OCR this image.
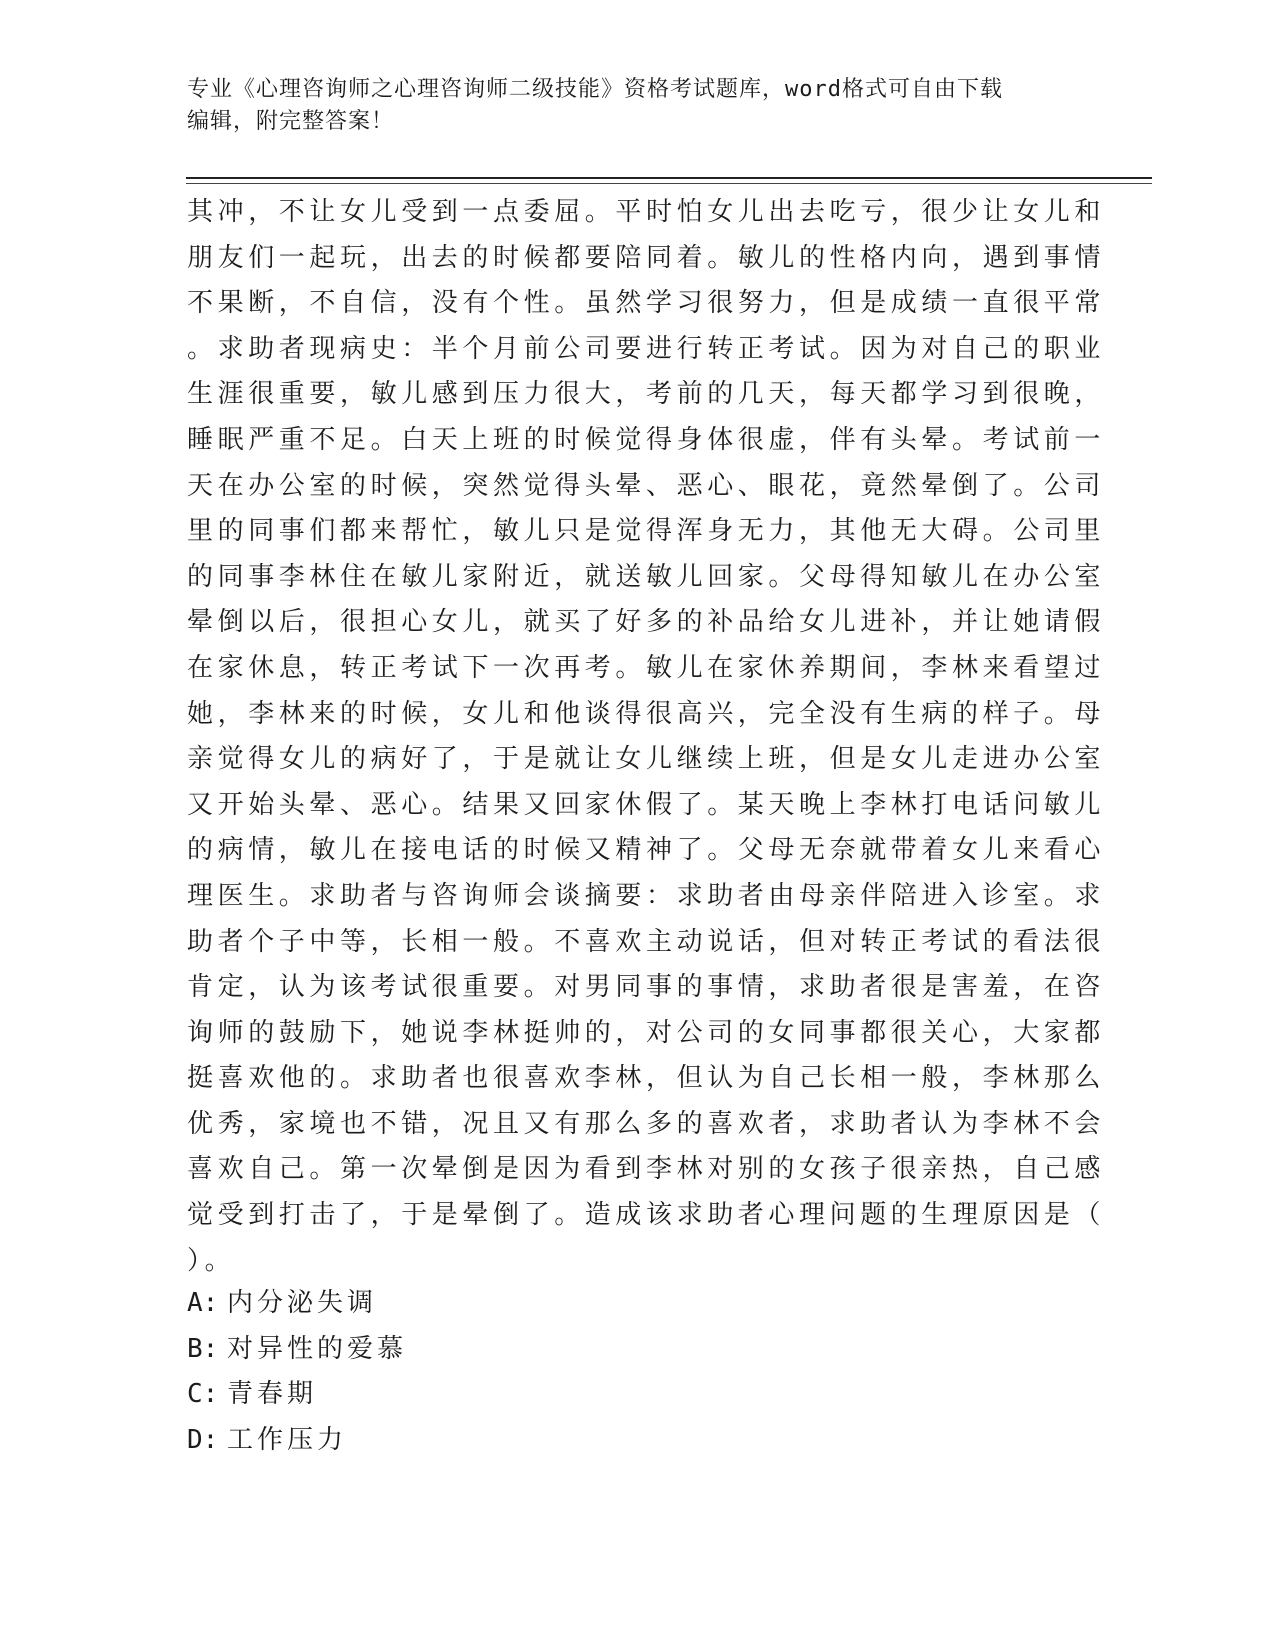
专业《心理咨询师之心理咨询师二级技能》资格考试题库，word格式可自由下载
编辑，附完整答案！
其冲，不让女儿受到一点委屈。平时怕女儿出去吃亏，很少让女儿和
朋友们一起玩，出去的时候都要陪同着。敏儿的性格内向，遇到事情
不果断，不自信，没有个性。虽然学习很努力，但是成绩一直很平常
。求助者现病史：半个月前公司要进行转正考试。因为对自己的职业
生涯很重要，敏儿感到压力很大，考前的几天，每天都学习到很晚，
睡眠严重不足。白天上班的时候觉得身体很虚，伴有头晕。考试前一
天在办公室的时候，突然觉得头晕、恶心、眼花，竟然晕倒了。公司
里的同事们都来帮忙，敏儿只是觉得浑身无力，其他无大碍。公司里
的同事李林住在敏儿家附近，就送敏儿回家。父母得知敏儿在办公室
晕倒以后，很担心女儿，就买了好多的补品给女儿进补，并让她请假
在家休息，转正考试下一次再考。敏儿在家休养期间，李林来看望过
她，李林来的时候，女儿和他谈得很高兴，完全没有生病的样子。母
亲觉得女儿的病好了，于是就让女儿继续上班，但是女儿走进办公室
又开始头晕、恶心。结果又回家休假了。某天晚上李林打电话问敏儿
的病情，敏儿在接电话的时候又精神了。父母无奈就带着女儿来看心
理医生。求助者与咨询师会谈摘要：求助者由母亲伴陪进入诊室。求
助者个子中等，长相一般。不喜欢主动说话，但对转正考试的看法很
肯定，认为该考试很重要。对男同事的事情，求助者很是害羞，在咨
询师的鼓励下，她说李林挺帅的，对公司的女同事都很关心，大家都
挺喜欢他的。求助者也很喜欢李林，但认为自己长相一般，李林那么
优秀，家境也不错，况且又有那么多的喜欢者，求助者认为李林不会
喜欢自己。第一次晕倒是因为看到李林对别的女孩子很亲热，自己感
觉受到打击了，于是晕倒了。造成该求助者心理问题的生理原因是（
）。
A: 内分泌失调
B: 对异性的爱慕
C: 青春期
D: 工作压力
